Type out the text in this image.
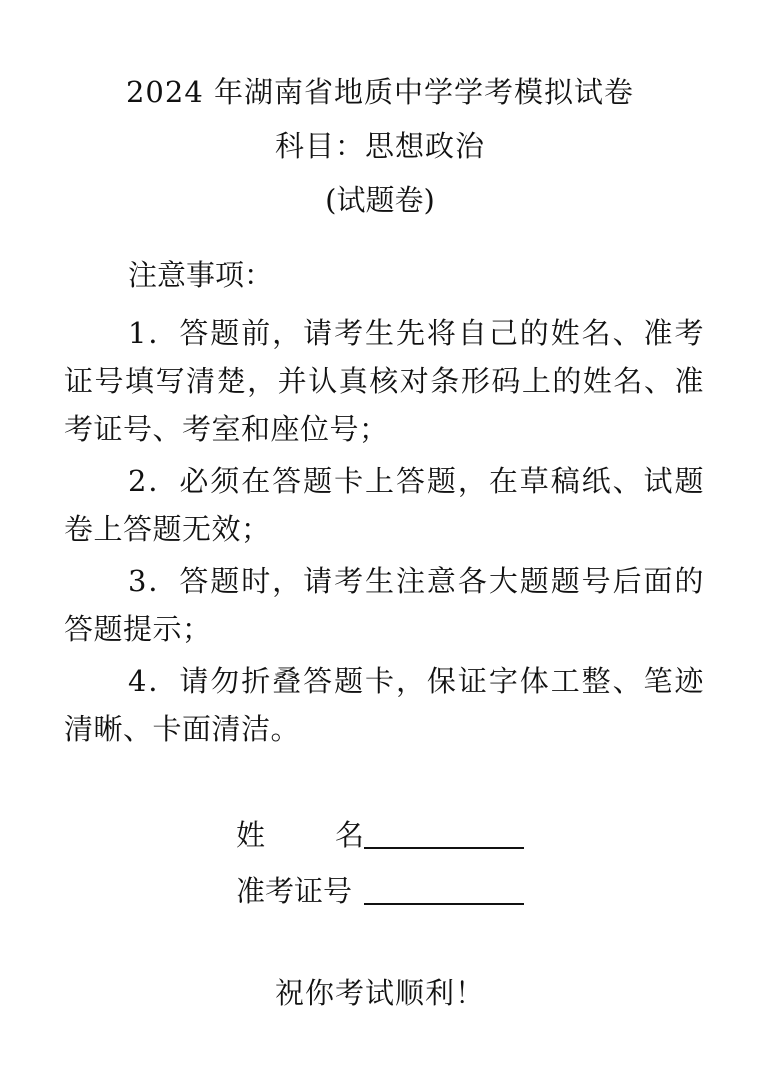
2024 年湖南省地质中学学考模拟试卷
科目：思想政治
(试题卷)
注意事项：
1．答题前，请考生先将自己的姓名、准考证号填写清楚，并认真核对条形码上的姓名、准考证号、考室和座位号；
2．必须在答题卡上答题，在草稿纸、试题卷上答题无效；
3．答题时，请考生注意各大题题号后面的答题提示；
4．请勿折叠答题卡，保证字体工整、笔迹清晰、卡面清洁。
姓 名
准考证号
祝你考试顺利！
